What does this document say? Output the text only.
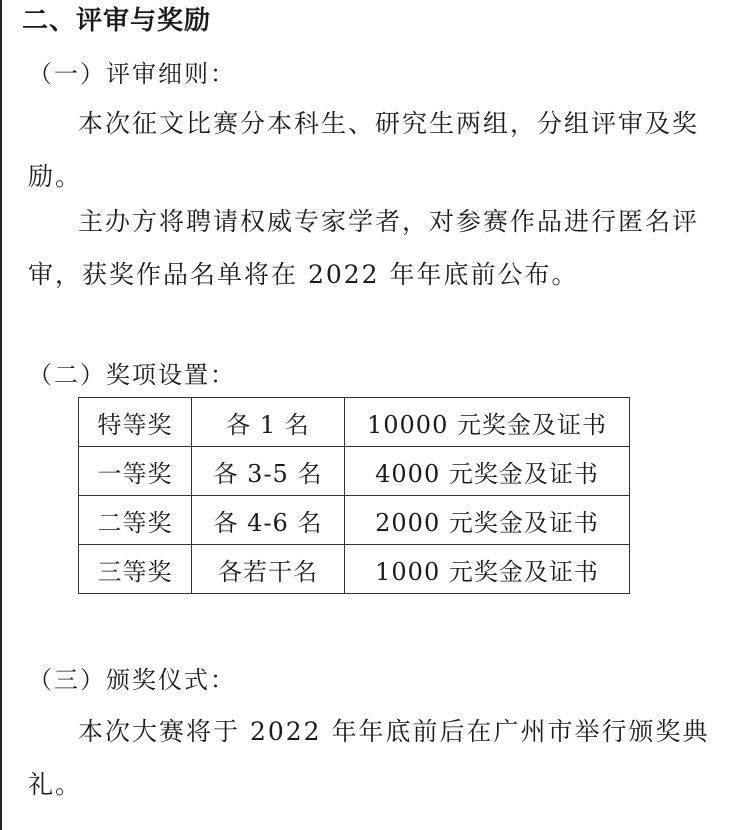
二、评审与奖励
（一）评审细则：

本次征文比赛分本科生、研究生两组，分组评审及奖励。

主办方将聘请权威专家学者，对参赛作品进行匿名评审，获奖作品名单将在 2022 年年底前公布。

（二）奖项设置：
特等奖	各 1 名	10000 元奖金及证书
一等奖	各 3-5 名	4000 元奖金及证书
二等奖	各 4-6 名	2000 元奖金及证书
三等奖	各若干名	1000 元奖金及证书
（三）颁奖仪式：

本次大赛将于 2022 年年底前后在广州市举行颁奖典礼。
